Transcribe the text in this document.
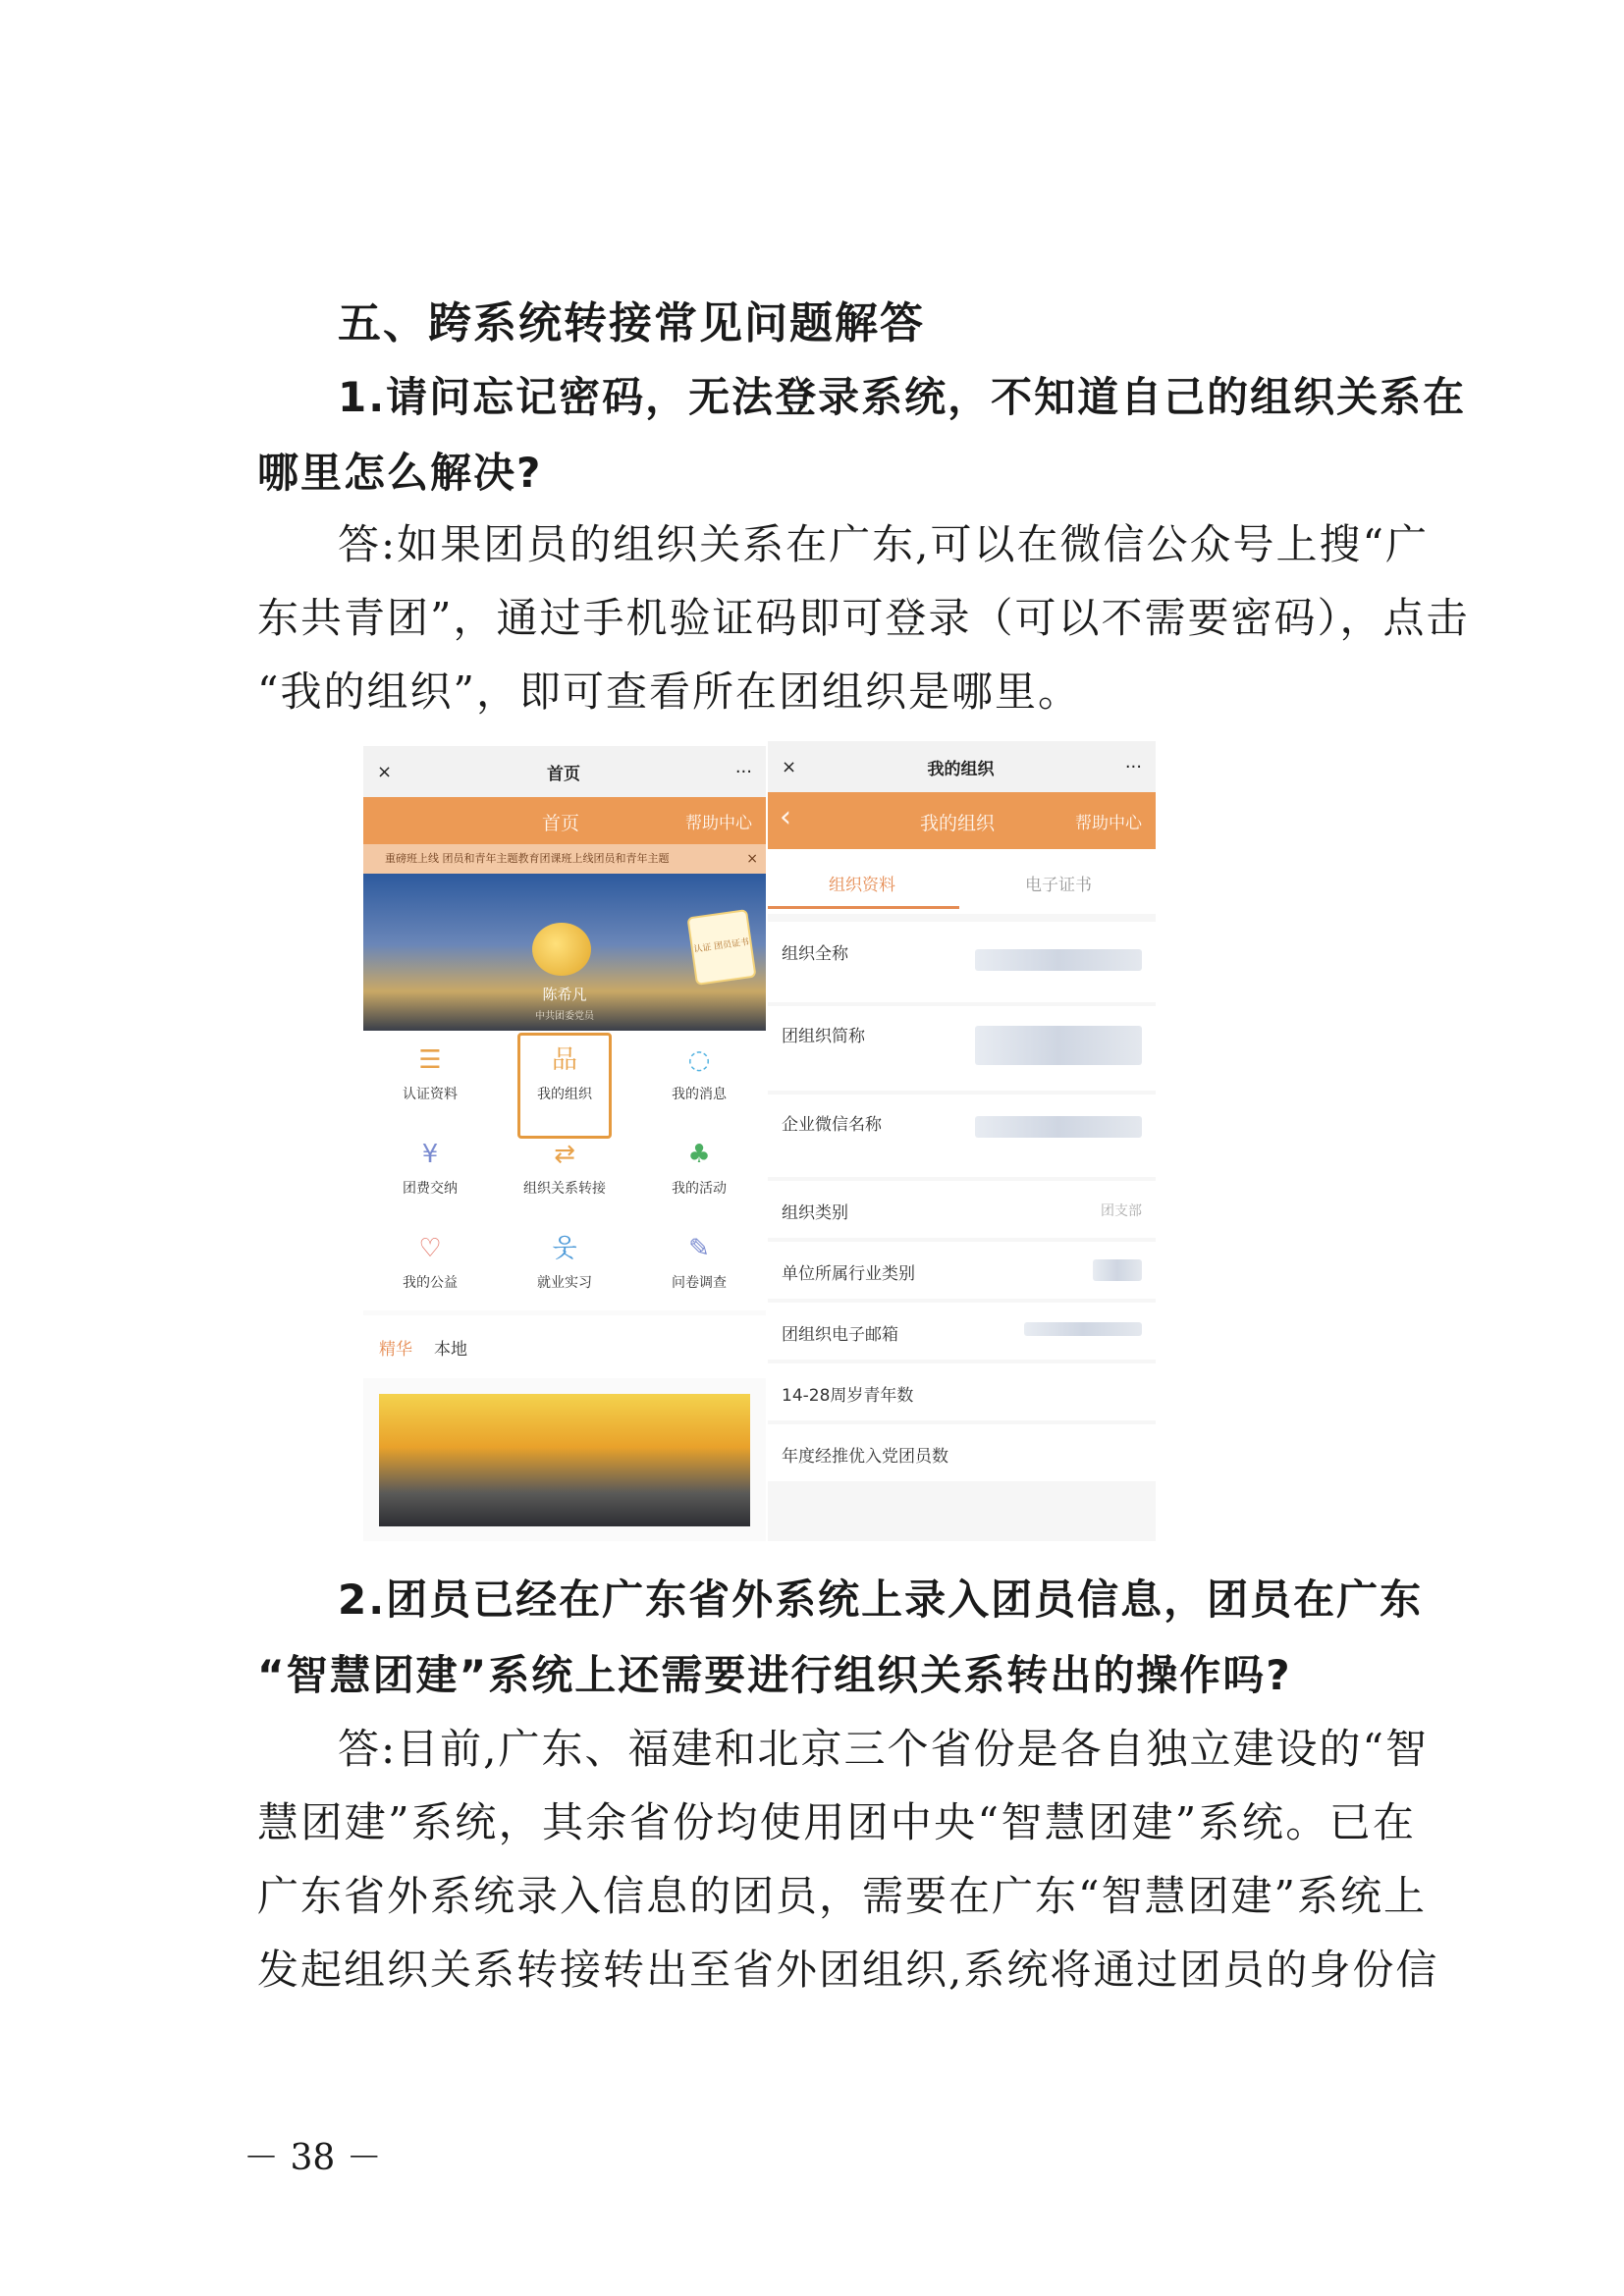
五、跨系统转接常见问题解答
1.请问忘记密码，无法登录系统，不知道自己的组织关系在
哪里怎么解决?
答:如果团员的组织关系在广东,可以在微信公众号上搜“广
东共青团”，通过手机验证码即可登录（可以不需要密码），点击
“我的组织”，即可查看所在团组织是哪里。
×	首页	···
首页	帮助中心
重磅班上线 团员和青年主题教育团课班上线团员和青年主题	×
陈希凡
中共团委党员
认证 团员证书
☰
认证资料
品
我的组织
◌
我的消息
¥
团费交纳
⇄
组织关系转接
♣
我的活动
♡
我的公益
웃
就业实习
✎
问卷调查
精华 本地
×	我的组织	···
‹	我的组织	帮助中心
组织资料	电子证书
组织全称
团组织简称
企业微信名称
组织类别	团支部
单位所属行业类别
团组织电子邮箱
14-28周岁青年数
年度经推优入党团员数
2.团员已经在广东省外系统上录入团员信息，团员在广东
“智慧团建”系统上还需要进行组织关系转出的操作吗?
答:目前,广东、福建和北京三个省份是各自独立建设的“智
慧团建”系统，其余省份均使用团中央“智慧团建”系统。已在
广东省外系统录入信息的团员，需要在广东“智慧团建”系统上
发起组织关系转接转出至省外团组织,系统将通过团员的身份信
－ 38 －
